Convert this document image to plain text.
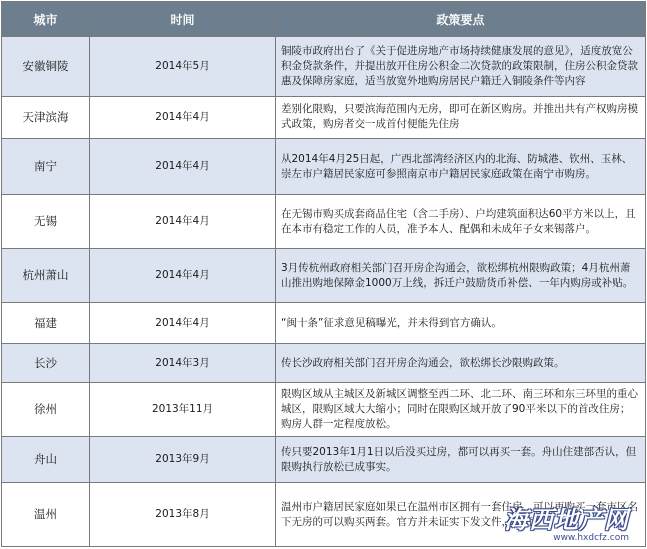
城市	时间	政策要点
安徽铜陵	2014年5月	铜陵市政府出台了《关于促进房地产市场持续健康发展的意见》，适度放宽公积金贷款条件，并提出放开住房公积金二次贷款的政策限制，住房公积金贷款惠及保障房家庭，适当放宽外地购房居民户籍迁入铜陵条件等内容
天津滨海	2014年4月	差别化限购，只要滨海范围内无房，即可在新区购房。并推出共有产权购房模式政策，购房者交一成首付便能先住房
南宁	2014年4月	从2014年4月25日起，广西北部湾经济区内的北海、防城港、钦州、玉林、崇左市户籍居民家庭可参照南京市户籍居民家庭政策在南宁市购房。
无锡	2014年4月	在无锡市购买成套商品住宅（含二手房）、户均建筑面积达60平方米以上，且在本市有稳定工作的人员，准予本人、配偶和未成年子女来锡落户。
杭州萧山	2014年4月	3月传杭州政府相关部门召开房企沟通会，欲松绑杭州限购政策；4月杭州萧山推出购地保障金1000万上线，拆迁户鼓励货币补偿、一年内购房或补贴。
福建	2014年4月	“闽十条”征求意见稿曝光，并未得到官方确认。
长沙	2014年3月	传长沙政府相关部门召开房企沟通会，欲松绑长沙限购政策。
徐州	2013年11月	限购区域从主城区及新城区调整至西二环、北二环、南三环和东三环里的重心城区，限购区域大大缩小；同时在限购区域开放了90平米以下的首改住房；购房人群一定程度放松。
舟山	2013年9月	传只要2013年1月1日以后没买过房，都可以再买一套。舟山住建部否认，但限购执行放松已成事实。
温州	2013年8月	温州市户籍居民家庭如果已在温州市区拥有一套住房，可以再购买一套市区名下无房的可以购买两套。官方并未证实下发文件，执行。
海西地产网
www.hxdcfz.com
